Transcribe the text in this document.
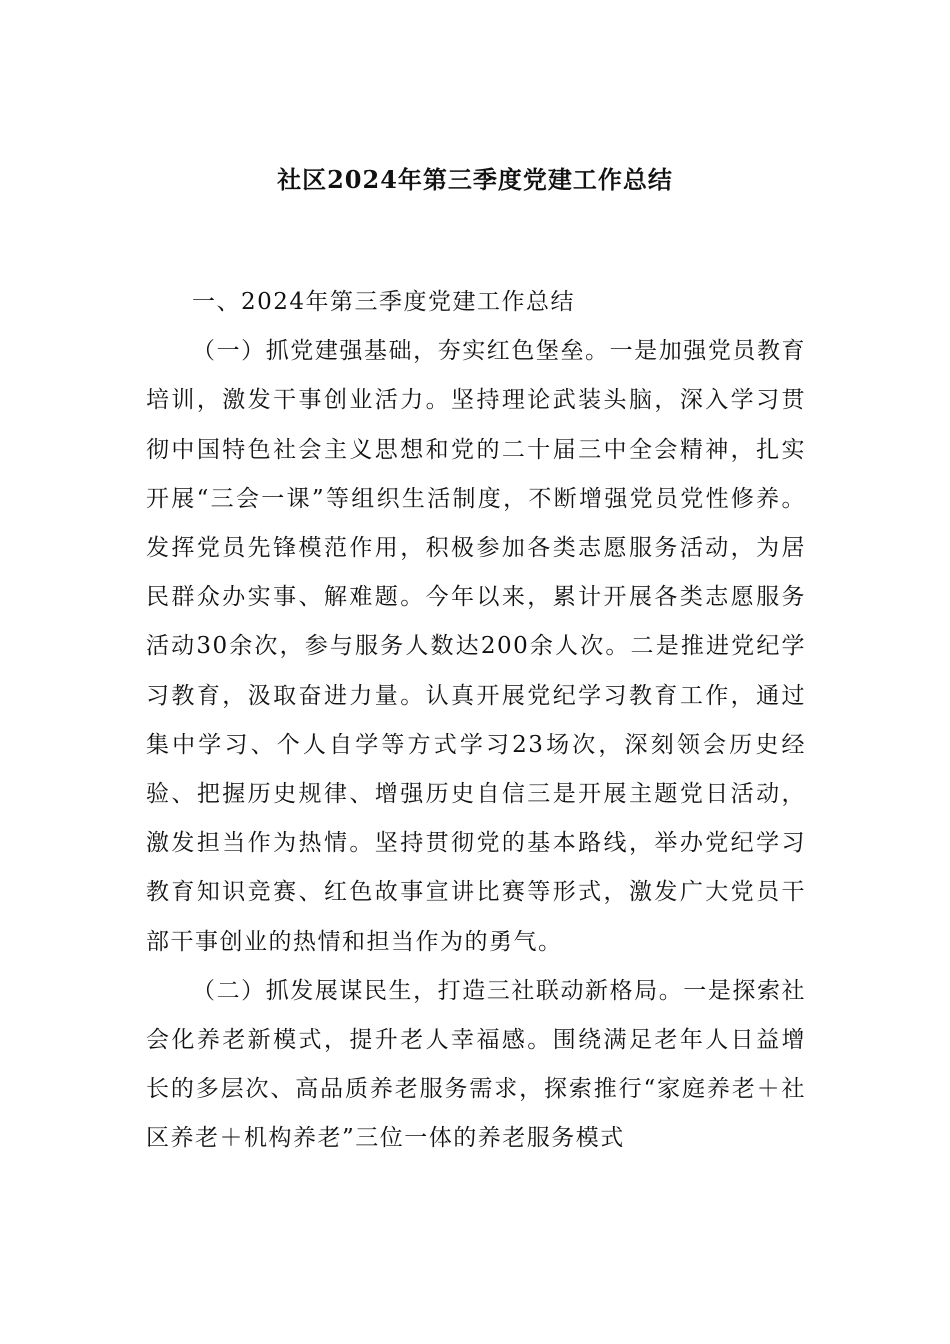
社区2024年第三季度党建工作总结

一、2024年第三季度党建工作总结

（一）抓党建强基础，夯实红色堡垒。一是加强党员教育培训，激发干事创业活力。坚持理论武装头脑，深入学习贯彻中国特色社会主义思想和党的二十届三中全会精神，扎实开展“三会一课”等组织生活制度，不断增强党员党性修养。发挥党员先锋模范作用，积极参加各类志愿服务活动，为居民群众办实事、解难题。今年以来，累计开展各类志愿服务活动30余次，参与服务人数达200余人次。二是推进党纪学习教育，汲取奋进力量。认真开展党纪学习教育工作，通过集中学习、个人自学等方式学习23场次，深刻领会历史经验、把握历史规律、增强历史自信三是开展主题党日活动，激发担当作为热情。坚持贯彻党的基本路线，举办党纪学习教育知识竞赛、红色故事宣讲比赛等形式，激发广大党员干部干事创业的热情和担当作为的勇气。

（二）抓发展谋民生，打造三社联动新格局。一是探索社会化养老新模式，提升老人幸福感。围绕满足老年人日益增长的多层次、高品质养老服务需求，探索推行“家庭养老＋社区养老＋机构养老”三位一体的养老服务模式
